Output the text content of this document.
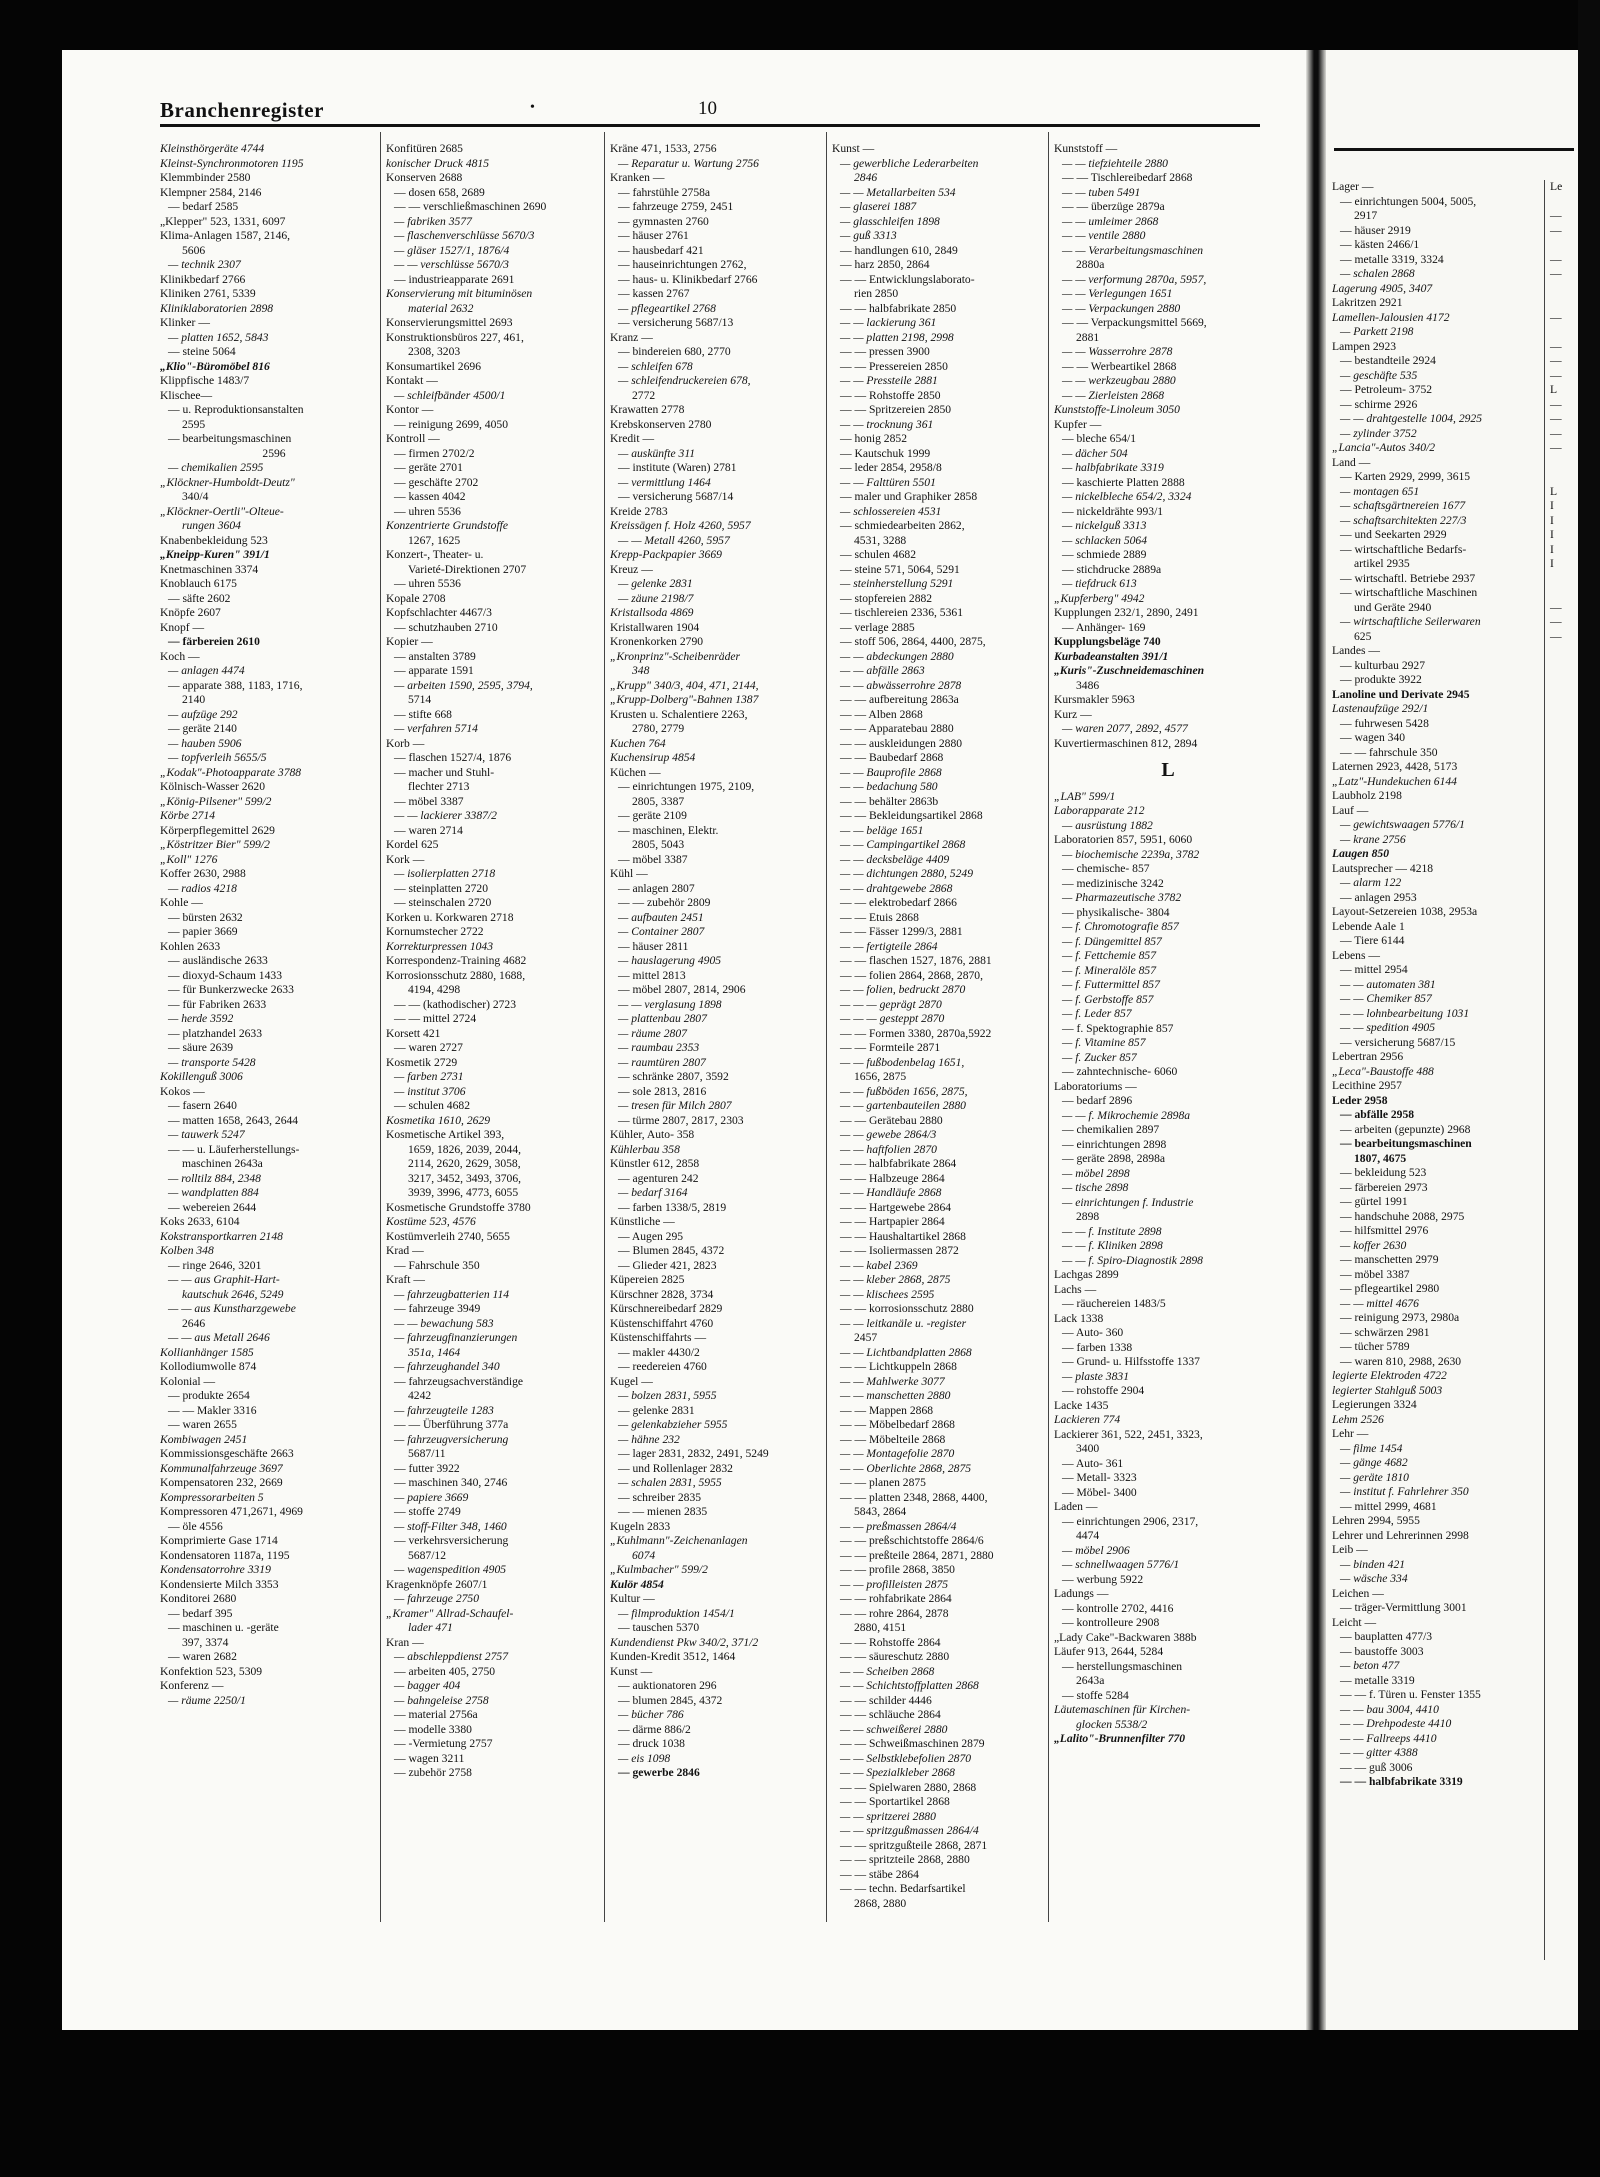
Lager —
— einrichtungen 5004, 5005,
2917
— häuser 2919
— kästen 2466/1
— metalle 3319, 3324
— schalen 2868
Lagerung 4905, 3407
Lakritzen 2921
Lamellen-Jalousien 4172
— Parkett 2198
Lampen 2923
— bestandteile 2924
— geschäfte 535
— Petroleum- 3752
— schirme 2926
— — drahtgestelle 1004, 2925
— zylinder 3752
„Lancia"-Autos 340/2
Land —
— Karten 2929, 2999, 3615
— montagen 651
— schaftsgärtnereien 1677
— schaftsarchitekten 227/3
— und Seekarten 2929
— wirtschaftliche Bedarfs-
artikel 2935
— wirtschaftl. Betriebe 2937
— wirtschaftliche Maschinen
und Geräte 2940
— wirtschaftliche Seilerwaren
625
Landes —
— kulturbau 2927
— produkte 3922
Lanoline und Derivate 2945
Lastenaufzüge 292/1
— fuhrwesen 5428
— wagen 340
— — fahrschule 350
Laternen 2923, 4428, 5173
„Latz"-Hundekuchen 6144
Laubholz 2198
Lauf —
— gewichtswaagen 5776/1
— krane 2756
Laugen 850
Lautsprecher — 4218
— alarm 122
— anlagen 2953
Layout-Setzereien 1038, 2953a
Lebende Aale 1
— Tiere 6144
Lebens —
— mittel 2954
— — automaten 381
— — Chemiker 857
— — lohnbearbeitung 1031
— — spedition 4905
— versicherung 5687/15
Lebertran 2956
„Leca"-Baustoffe 488
Lecithine 2957
Leder 2958
— abfälle 2958
— arbeiten (gepunzte) 2968
— bearbeitungsmaschinen
1807, 4675
— bekleidung 523
— färbereien 2973
— gürtel 1991
— handschuhe 2088, 2975
— hilfsmittel 2976
— koffer 2630
— manschetten 2979
— möbel 3387
— pflegeartikel 2980
— — mittel 4676
— reinigung 2973, 2980a
— schwärzen 2981
— tücher 5789
— waren 810, 2988, 2630
legierte Elektroden 4722
legierter Stahlguß 5003
Legierungen 3324
Lehm 2526
Lehr —
— filme 1454
— gänge 4682
— geräte 1810
— institut f. Fahrlehrer 350
— mittel 2999, 4681
Lehren 2994, 5955
Lehrer und Lehrerinnen 2998
Leib —
— binden 421
— wäsche 334
Leichen —
— träger-Vermittlung 3001
Leicht —
— bauplatten 477/3
— baustoffe 3003
— beton 477
— metalle 3319
— — f. Türen u. Fenster 1355
— — bau 3004, 4410
— — Drehpodeste 4410
— — Fallreeps 4410
— — gitter 4388
— — guß 3006
— — halbfabrikate 3319
Le

—
—

—
—

—

—
—
—
L
—
—
—
—

L
I
I
I
I
I

—
—
—
Branchenregister	•	10
Kleinsthörgeräte 4744
Kleinst-Synchronmotoren 1195
Klemmbinder 2580
Klempner 2584, 2146
— bedarf 2585
„Klepper" 523, 1331, 6097
Klima-Anlagen 1587, 2146,
5606
— technik 2307
Klinikbedarf 2766
Kliniken 2761, 5339
Kliniklaboratorien 2898
Klinker —
— platten 1652, 5843
— steine 5064
„Klio"-Büromöbel 816
Klippfische 1483/7
Klischee—
— u. Reproduktionsanstalten
2595
— bearbeitungsmaschinen
2596
— chemikalien 2595
„Klöckner-Humboldt-Deutz"
340/4
„Klöckner-Oertli"-Olteue-
rungen 3604
Knabenbekleidung 523
„Kneipp-Kuren" 391/1
Knetmaschinen 3374
Knoblauch 6175
— säfte 2602
Knöpfe 2607
Knopf —
— färbereien 2610
Koch —
— anlagen 4474
— apparate 388, 1183, 1716,
2140
— aufzüge 292
— geräte 2140
— hauben 5906
— topfverleih 5655/5
„Kodak"-Photoapparate 3788
Kölnisch-Wasser 2620
„König-Pilsener" 599/2
Körbe 2714
Körperpflegemittel 2629
„Köstritzer Bier" 599/2
„Koll" 1276
Koffer 2630, 2988
— radios 4218
Kohle —
— bürsten 2632
— papier 3669
Kohlen 2633
— ausländische 2633
— dioxyd-Schaum 1433
— für Bunkerzwecke 2633
— für Fabriken 2633
— herde 3592
— platzhandel 2633
— säure 2639
— transporte 5428
Kokillenguß 3006
Kokos —
— fasern 2640
— matten 1658, 2643, 2644
— tauwerk 5247
— — u. Läuferherstellungs-
maschinen 2643a
— rolltilz 884, 2348
— wandplatten 884
— webereien 2644
Koks 2633, 6104
Kokstransportkarren 2148
Kolben 348
— ringe 2646, 3201
— — aus Graphit-Hart-
kautschuk 2646, 5249
— — aus Kunstharzgewebe
2646
— — aus Metall 2646
Kollianhänger 1585
Kollodiumwolle 874
Kolonial —
— produkte 2654
— — Makler 3316
— waren 2655
Kombiwagen 2451
Kommissionsgeschäfte 2663
Kommunalfahrzeuge 3697
Kompensatoren 232, 2669
Kompressorarbeiten 5
Kompressoren 471,2671, 4969
— öle 4556
Komprimierte Gase 1714
Kondensatoren 1187a, 1195
Kondensatorrohre 3319
Kondensierte Milch 3353
Konditorei 2680
— bedarf 395
— maschinen u. -geräte
397, 3374
— waren 2682
Konfektion 523, 5309
Konferenz —
— räume 2250/1
Konfitüren 2685
konischer Druck 4815
Konserven 2688
— dosen 658, 2689
— — verschließmaschinen 2690
— fabriken 3577
— flaschenverschlüsse 5670/3
— gläser 1527/1, 1876/4
— — verschlüsse 5670/3
— industrieapparate 2691
Konservierung mit bituminösen
material 2632
Konservierungsmittel 2693
Konstruktionsbüros 227, 461,
2308, 3203
Konsumartikel 2696
Kontakt —
— schleifbänder 4500/1
Kontor —
— reinigung 2699, 4050
Kontroll —
— firmen 2702/2
— geräte 2701
— geschäfte 2702
— kassen 4042
— uhren 5536
Konzentrierte Grundstoffe
1267, 1625
Konzert-, Theater- u.
Varieté-Direktionen 2707
— uhren 5536
Kopale 2708
Kopfschlachter 4467/3
— schutzhauben 2710
Kopier —
— anstalten 3789
— apparate 1591
— arbeiten 1590, 2595, 3794,
5714
— stifte 668
— verfahren 5714
Korb —
— flaschen 1527/4, 1876
— macher und Stuhl-
flechter 2713
— möbel 3387
— — lackierer 3387/2
— waren 2714
Kordel 625
Kork —
— isolierplatten 2718
— steinplatten 2720
— steinschalen 2720
Korken u. Korkwaren 2718
Kornumstecher 2722
Korrekturpressen 1043
Korrespondenz-Training 4682
Korrosionsschutz 2880, 1688,
4194, 4298
— — (kathodischer) 2723
— — mittel 2724
Korsett 421
— waren 2727
Kosmetik 2729
— farben 2731
— institut 3706
— schulen 4682
Kosmetika 1610, 2629
Kosmetische Artikel 393,
1659, 1826, 2039, 2044,
2114, 2620, 2629, 3058,
3217, 3452, 3493, 3706,
3939, 3996, 4773, 6055
Kosmetische Grundstoffe 3780
Kostüme 523, 4576
Kostümverleih 2740, 5655
Krad —
— Fahrschule 350
Kraft —
— fahrzeugbatterien 114
— fahrzeuge 3949
— — bewachung 583
— fahrzeugfinanzierungen
351a, 1464
— fahrzeughandel 340
— fahrzeugsachverständige
4242
— fahrzeugteile 1283
— — Überführung 377a
— fahrzeugversicherung
5687/11
— futter 3922
— maschinen 340, 2746
— papiere 3669
— stoffe 2749
— stoff-Filter 348, 1460
— verkehrsversicherung
5687/12
— wagenspedition 4905
Kragenknöpfe 2607/1
— fahrzeuge 2750
„Kramer" Allrad-Schaufel-
lader 471
Kran —
— abschleppdienst 2757
— arbeiten 405, 2750
— bagger 404
— bahngeleise 2758
— material 2756a
— modelle 3380
— -Vermietung 2757
— wagen 3211
— zubehör 2758
Kräne 471, 1533, 2756
— Reparatur u. Wartung 2756
Kranken —
— fahrstühle 2758a
— fahrzeuge 2759, 2451
— gymnasten 2760
— häuser 2761
— hausbedarf 421
— hauseinrichtungen 2762,
— haus- u. Klinikbedarf 2766
— kassen 2767
— pflegeartikel 2768
— versicherung 5687/13
Kranz —
— bindereien 680, 2770
— schleifen 678
— schleifendruckereien 678,
2772
Krawatten 2778
Krebskonserven 2780
Kredit —
— auskünfte 311
— institute (Waren) 2781
— vermittlung 1464
— versicherung 5687/14
Kreide 2783
Kreissägen f. Holz 4260, 5957
— — Metall 4260, 5957
Krepp-Packpapier 3669
Kreuz —
— gelenke 2831
— zäune 2198/7
Kristallsoda 4869
Kristallwaren 1904
Kronenkorken 2790
„Kronprinz"-Scheibenräder
348
„Krupp" 340/3, 404, 471, 2144,
„Krupp-Dolberg"-Bahnen 1387
Krusten u. Schalentiere 2263,
2780, 2779
Kuchen 764
Kuchensirup 4854
Küchen —
— einrichtungen 1975, 2109,
2805, 3387
— geräte 2109
— maschinen, Elektr.
2805, 5043
— möbel 3387
Kühl —
— anlagen 2807
— — zubehör 2809
— aufbauten 2451
— Container 2807
— häuser 2811
— hauslagerung 4905
— mittel 2813
— möbel 2807, 2814, 2906
— — verglasung 1898
— plattenbau 2807
— räume 2807
— raumbau 2353
— raumtüren 2807
— schränke 2807, 3592
— sole 2813, 2816
— tresen für Milch 2807
— türme 2807, 2817, 2303
Kühler, Auto- 358
Kühlerbau 358
Künstler 612, 2858
— agenturen 242
— bedarf 3164
— farben 1338/5, 2819
Künstliche —
— Augen 295
— Blumen 2845, 4372
— Glieder 421, 2823
Küpereien 2825
Kürschner 2828, 3734
Kürschnereibedarf 2829
Küstenschiffahrt 4760
Küstenschiffahrts —
— makler 4430/2
— reedereien 4760
Kugel —
— bolzen 2831, 5955
— gelenke 2831
— gelenkabzieher 5955
— hähne 232
— lager 2831, 2832, 2491, 5249
— und Rollenlager 2832
— schalen 2831, 5955
— schreiber 2835
— — mienen 2835
Kugeln 2833
„Kuhlmann"-Zeichenanlagen
6074
„Kulmbacher" 599/2
Kulör 4854
Kultur —
— filmproduktion 1454/1
— tauschen 5370
Kundendienst Pkw 340/2, 371/2
Kunden-Kredit 3512, 1464
Kunst —
— auktionatoren 296
— blumen 2845, 4372
— bücher 786
— därme 886/2
— druck 1038
— eis 1098
— gewerbe 2846
Kunst —
— gewerbliche Lederarbeiten
2846
— — Metallarbeiten 534
— glaserei 1887
— glasschleifen 1898
— guß 3313
— handlungen 610, 2849
— harz 2850, 2864
— — Entwicklungslaborato-
rien 2850
— — halbfabrikate 2850
— — lackierung 361
— — platten 2198, 2998
— — pressen 3900
— — Pressereien 2850
— — Pressteile 2881
— — Rohstoffe 2850
— — Spritzereien 2850
— — trocknung 361
— honig 2852
— Kautschuk 1999
— leder 2854, 2958/8
— — Falttüren 5501
— maler und Graphiker 2858
— schlossereien 4531
— schmiedearbeiten 2862,
4531, 3288
— schulen 4682
— steine 571, 5064, 5291
— steinherstellung 5291
— stopfereien 2882
— tischlereien 2336, 5361
— verlage 2885
— stoff 506, 2864, 4400, 2875,
— — abdeckungen 2880
— — abfälle 2863
— — abwässerrohre 2878
— — aufbereitung 2863a
— — Alben 2868
— — Apparatebau 2880
— — auskleidungen 2880
— — Baubedarf 2868
— — Bauprofile 2868
— — bedachung 580
— — behälter 2863b
— — Bekleidungsartikel 2868
— — beläge 1651
— — Campingartikel 2868
— — decksbeläge 4409
— — dichtungen 2880, 5249
— — drahtgewebe 2868
— — elektrobedarf 2866
— — Etuis 2868
— — Fässer 1299/3, 2881
— — fertigteile 2864
— — flaschen 1527, 1876, 2881
— — folien 2864, 2868, 2870,
— — folien, bedruckt 2870
— — — geprägt 2870
— — — gesteppt 2870
— — Formen 3380, 2870a,5922
— — Formteile 2871
— — fußbodenbelag 1651,
1656, 2875
— — fußböden 1656, 2875,
— — gartenbauteilen 2880
— — Gerätebau 2880
— — gewebe 2864/3
— — haftfolien 2870
— — halbfabrikate 2864
— — Halbzeuge 2864
— — Handläufe 2868
— — Hartgewebe 2864
— — Hartpapier 2864
— — Haushaltartikel 2868
— — Isoliermassen 2872
— — kabel 2369
— — kleber 2868, 2875
— — klischees 2595
— — korrosionsschutz 2880
— — leitkanäle u. -register
2457
— — Lichtbandplatten 2868
— — Lichtkuppeln 2868
— — Mahlwerke 3077
— — manschetten 2880
— — Mappen 2868
— — Möbelbedarf 2868
— — Möbelteile 2868
— — Montagefolie 2870
— — Oberlichte 2868, 2875
— — planen 2875
— — platten 2348, 2868, 4400,
5843, 2864
— — preßmassen 2864/4
— — preßschichtstoffe 2864/6
— — preßteile 2864, 2871, 2880
— — profile 2868, 3850
— — profilleisten 2875
— — rohfabrikate 2864
— — rohre 2864, 2878
2880, 4151
— — Rohstoffe 2864
— — säureschutz 2880
— — Scheiben 2868
— — Schichtstoffplatten 2868
— — schilder 4446
— — schläuche 2864
— — schweißerei 2880
— — Schweißmaschinen 2879
— — Selbstklebefolien 2870
— — Spezialkleber 2868
— — Spielwaren 2880, 2868
— — Sportartikel 2868
— — spritzerei 2880
— — spritzgußmassen 2864/4
— — spritzgußteile 2868, 2871
— — spritzteile 2868, 2880
— — stäbe 2864
— — techn. Bedarfsartikel
2868, 2880
Kunststoff —
— — tiefziehteile 2880
— — Tischlereibedarf 2868
— — tuben 5491
— — überzüge 2879a
— — umleimer 2868
— — ventile 2880
— — Verarbeitungsmaschinen
2880a
— — verformung 2870a, 5957,
— — Verlegungen 1651
— — Verpackungen 2880
— — Verpackungsmittel 5669,
2881
— — Wasserrohre 2878
— — Werbeartikel 2868
— — werkzeugbau 2880
— — Zierleisten 2868
Kunststoffe-Linoleum 3050
Kupfer —
— bleche 654/1
— dächer 504
— halbfabrikate 3319
— kaschierte Platten 2888
— nickelbleche 654/2, 3324
— nickeldrähte 993/1
— nickelguß 3313
— schlacken 5064
— schmiede 2889
— stichdrucke 2889a
— tiefdruck 613
„Kupferberg" 4942
Kupplungen 232/1, 2890, 2491
— Anhänger- 169
Kupplungsbeläge 740
Kurbadeanstalten 391/1
„Kuris"-Zuschneidemaschinen
3486
Kursmakler 5963
Kurz —
— waren 2077, 2892, 4577
Kuvertiermaschinen 812, 2894
L
„LAB" 599/1
Laborapparate 212
— ausrüstung 1882
Laboratorien 857, 5951, 6060
— biochemische 2239a, 3782
— chemische- 857
— medizinische 3242
— Pharmazeutische 3782
— physikalische- 3804
— f. Chromotografie 857
— f. Düngemittel 857
— f. Fettchemie 857
— f. Mineralöle 857
— f. Futtermittel 857
— f. Gerbstoffe 857
— f. Leder 857
— f. Spektographie 857
— f. Vitamine 857
— f. Zucker 857
— zahntechnische- 6060
Laboratoriums —
— bedarf 2896
— — f. Mikrochemie 2898a
— chemikalien 2897
— einrichtungen 2898
— geräte 2898, 2898a
— möbel 2898
— tische 2898
— einrichtungen f. Industrie
2898
— — f. Institute 2898
— — f. Kliniken 2898
— — f. Spiro-Diagnostik 2898
Lachgas 2899
Lachs —
— räuchereien 1483/5
Lack 1338
— Auto- 360
— farben 1338
— Grund- u. Hilfsstoffe 1337
— plaste 3831
— rohstoffe 2904
Lacke 1435
Lackieren 774
Lackierer 361, 522, 2451, 3323,
3400
— Auto- 361
— Metall- 3323
— Möbel- 3400
Laden —
— einrichtungen 2906, 2317,
4474
— möbel 2906
— schnellwaagen 5776/1
— werbung 5922
Ladungs —
— kontrolle 2702, 4416
— kontrolleure 2908
„Lady Cake"-Backwaren 388b
Läufer 913, 2644, 5284
— herstellungsmaschinen
2643a
— stoffe 5284
Läutemaschinen für Kirchen-
glocken 5538/2
„Lalito"-Brunnenfilter 770
